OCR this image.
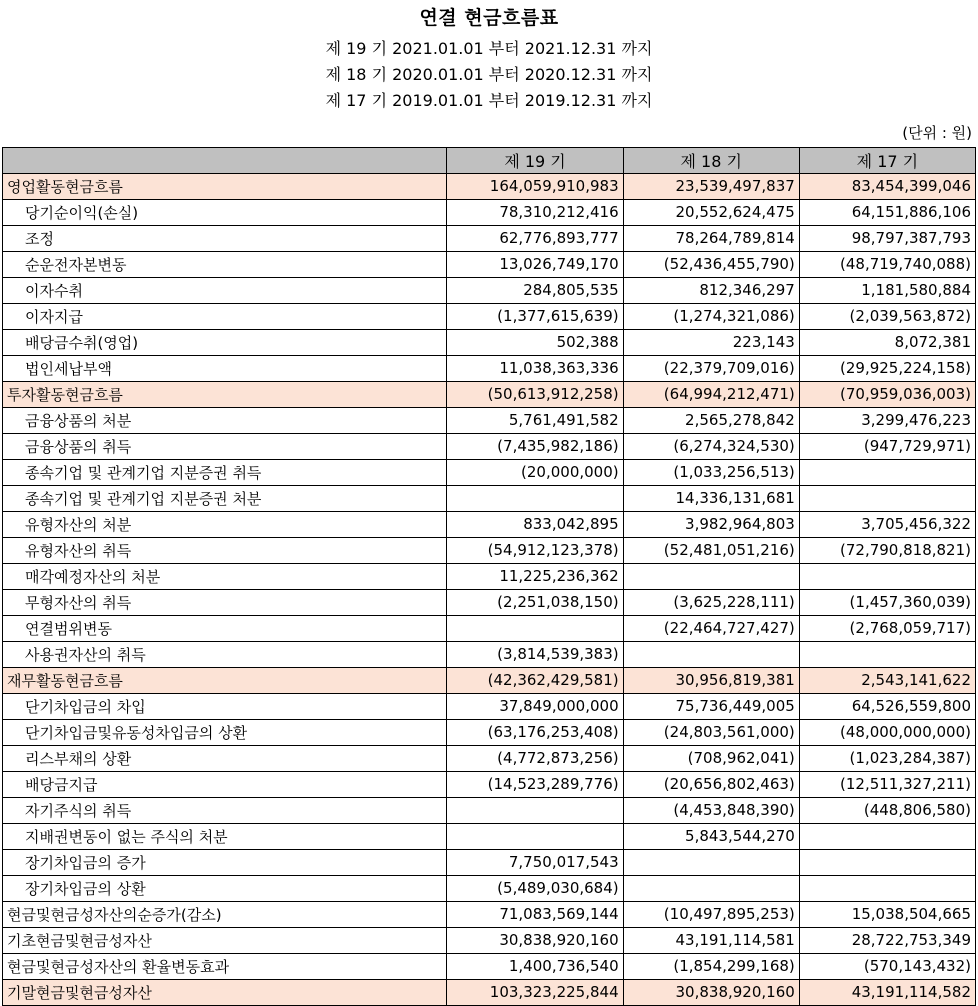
연결 현금흐름표
제 19 기 2021.01.01 부터 2021.12.31 까지
제 18 기 2020.01.01 부터 2020.12.31 까지
제 17 기 2019.01.01 부터 2019.12.31 까지
(단위 : 원)
	제 19 기	제 18 기	제 17 기
영업활동현금흐름	164,059,910,983	23,539,497,837	83,454,399,046
당기순이익(손실)	78,310,212,416	20,552,624,475	64,151,886,106
조정	62,776,893,777	78,264,789,814	98,797,387,793
순운전자본변동	13,026,749,170	(52,436,455,790)	(48,719,740,088)
이자수취	284,805,535	812,346,297	1,181,580,884
이자지급	(1,377,615,639)	(1,274,321,086)	(2,039,563,872)
배당금수취(영업)	502,388	223,143	8,072,381
법인세납부액	11,038,363,336	(22,379,709,016)	(29,925,224,158)
투자활동현금흐름	(50,613,912,258)	(64,994,212,471)	(70,959,036,003)
금융상품의 처분	5,761,491,582	2,565,278,842	3,299,476,223
금융상품의 취득	(7,435,982,186)	(6,274,324,530)	(947,729,971)
종속기업 및 관계기업 지분증권 취득	(20,000,000)	(1,033,256,513)	
종속기업 및 관계기업 지분증권 처분		14,336,131,681	
유형자산의 처분	833,042,895	3,982,964,803	3,705,456,322
유형자산의 취득	(54,912,123,378)	(52,481,051,216)	(72,790,818,821)
매각예정자산의 처분	11,225,236,362		
무형자산의 취득	(2,251,038,150)	(3,625,228,111)	(1,457,360,039)
연결범위변동		(22,464,727,427)	(2,768,059,717)
사용권자산의 취득	(3,814,539,383)		
재무활동현금흐름	(42,362,429,581)	30,956,819,381	2,543,141,622
단기차입금의 차입	37,849,000,000	75,736,449,005	64,526,559,800
단기차입금및유동성차입금의 상환	(63,176,253,408)	(24,803,561,000)	(48,000,000,000)
리스부채의 상환	(4,772,873,256)	(708,962,041)	(1,023,284,387)
배당금지급	(14,523,289,776)	(20,656,802,463)	(12,511,327,211)
자기주식의 취득		(4,453,848,390)	(448,806,580)
지배권변동이 없는 주식의 처분		5,843,544,270	
장기차입금의 증가	7,750,017,543		
장기차입금의 상환	(5,489,030,684)		
현금및현금성자산의순증가(감소)	71,083,569,144	(10,497,895,253)	15,038,504,665
기초현금및현금성자산	30,838,920,160	43,191,114,581	28,722,753,349
현금및현금성자산의 환율변동효과	1,400,736,540	(1,854,299,168)	(570,143,432)
기말현금및현금성자산	103,323,225,844	30,838,920,160	43,191,114,582
